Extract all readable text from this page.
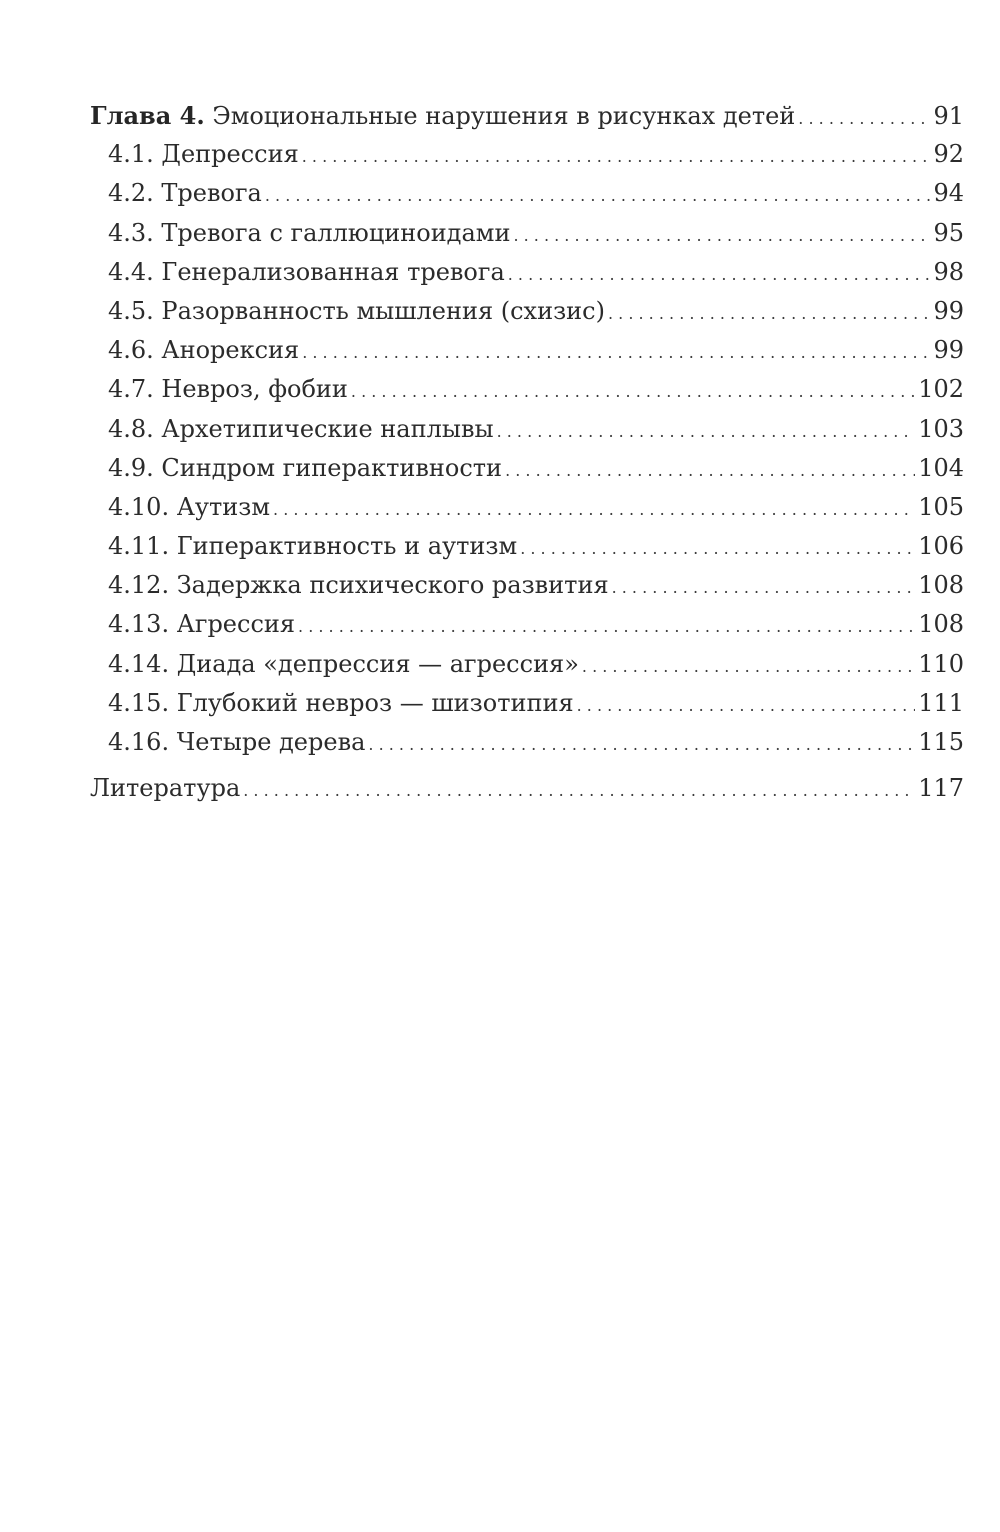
Глава 4. Эмоциональные нарушения в рисунках детей . . .	91
4.1. Депрессия . . .	92
4.2. Тревога . . .	94
4.3. Тревога с галлюциноидами . . .	95
4.4. Генерализованная тревога . . .	98
4.5. Разорванность мышления (схизис) . . .	99
4.6. Анорексия . . .	99
4.7. Невроз, фобии . . .	102
4.8. Архетипические наплывы . . .	103
4.9. Синдром гиперактивности . . .	104
4.10. Аутизм . . .	105
4.11. Гиперактивность и аутизм . . .	106
4.12. Задержка психического развития . . .	108
4.13. Агрессия . . .	108
4.14. Диада «депрессия — агрессия» . . .	110
4.15. Глубокий невроз — шизотипия . . .	111
4.16. Четыре дерева . . .	115
Литература . . .	117
